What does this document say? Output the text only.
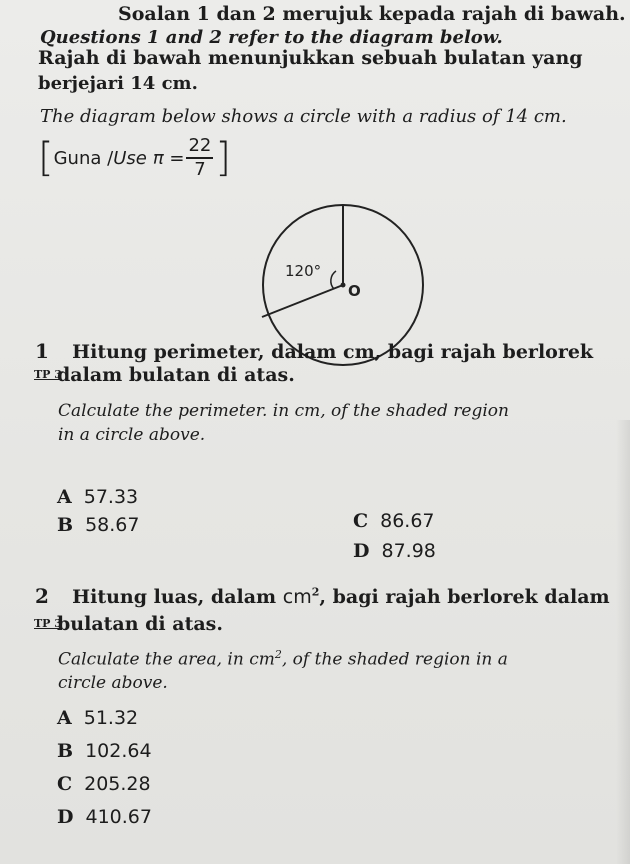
Soalan 1 dan 2 merujuk kepada rajah di bawah.
Questions 1 and 2 refer to the diagram below.
Rajah di bawah menunjukkan sebuah bulatan yang
berjejari 14 cm.
The diagram below shows a circle with a radius of 14 cm.
[ Guna / Use $\pi = \frac{22}{7}$ ]
120°
O
1 Hitung perimeter, dalam cm, bagi rajah berlorek
TP 3
dalam bulatan di atas.
Calculate the perimeter. in cm, of the shaded region
in a circle above.
A 57.33
B 58.67	C 86.67
D 87.98
2 Hitung luas, dalam $cm^2$, bagi rajah berlorek dalam
TP 3
bulatan di atas.
Calculate the area, in $cm^2$, of the shaded region in a
circle above.
A 51.32
B 102.64
C 205.28
D 410.67
